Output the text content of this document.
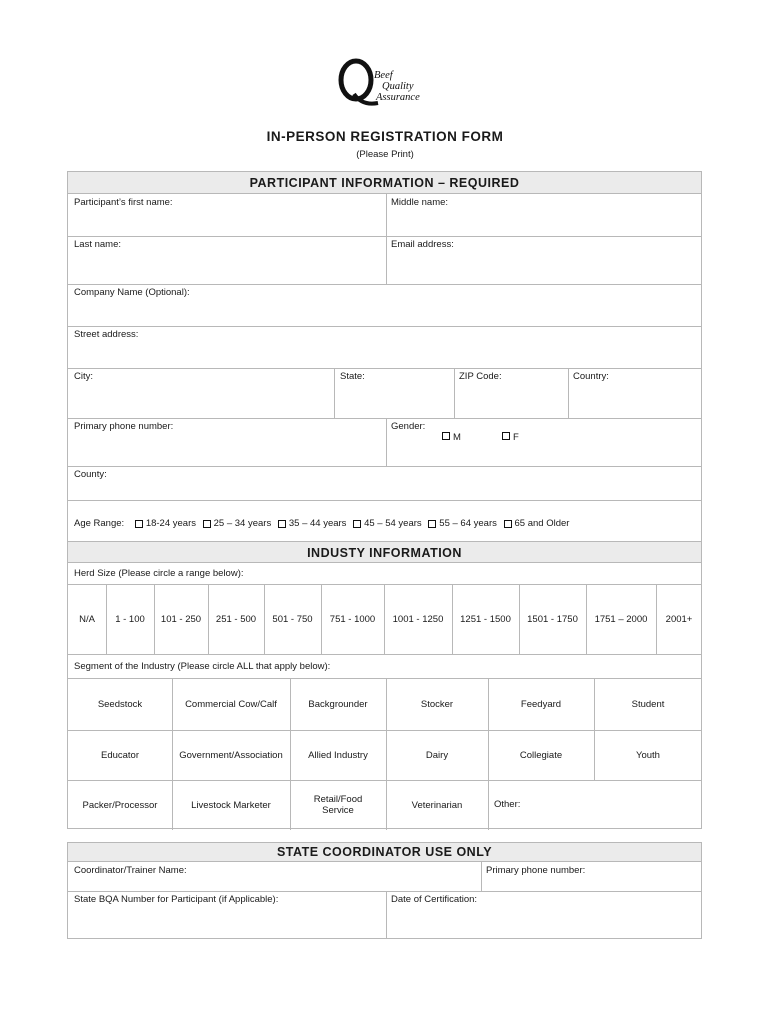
Beef
Quality
Assurance
IN-PERSON REGISTRATION FORM
(Please Print)
PARTICIPANT INFORMATION – REQUIRED
Participant’s first name:	Middle name:
Last name:	Email address:
Company Name (Optional):
Street address:
City:	State:	ZIP Code:	Country:
Primary phone number:	Gender:
M	F
County:
Age Range: 18-24 years 25 – 34 years 35 – 44 years 45 – 54 years 55 – 64 years 65 and Older
INDUSTY INFORMATION
Herd Size (Please circle a range below):
N/A	1 - 100	101 - 250	251 - 500	501 - 750	751 - 1000	1001 - 1250	1251 - 1500	1501 - 1750	1751 – 2000	2001+
Segment of the Industry (Please circle ALL that apply below):
Seedstock	Commercial Cow/Calf	Backgrounder	Stocker	Feedyard	Student
Educator	Government/Association	Allied Industry	Dairy	Collegiate	Youth
Packer/Processor	Livestock Marketer	Retail/Food Service	Veterinarian	Other:
STATE COORDINATOR USE ONLY
Coordinator/Trainer Name:	Primary phone number:
State BQA Number for Participant (if Applicable):	Date of Certification:
